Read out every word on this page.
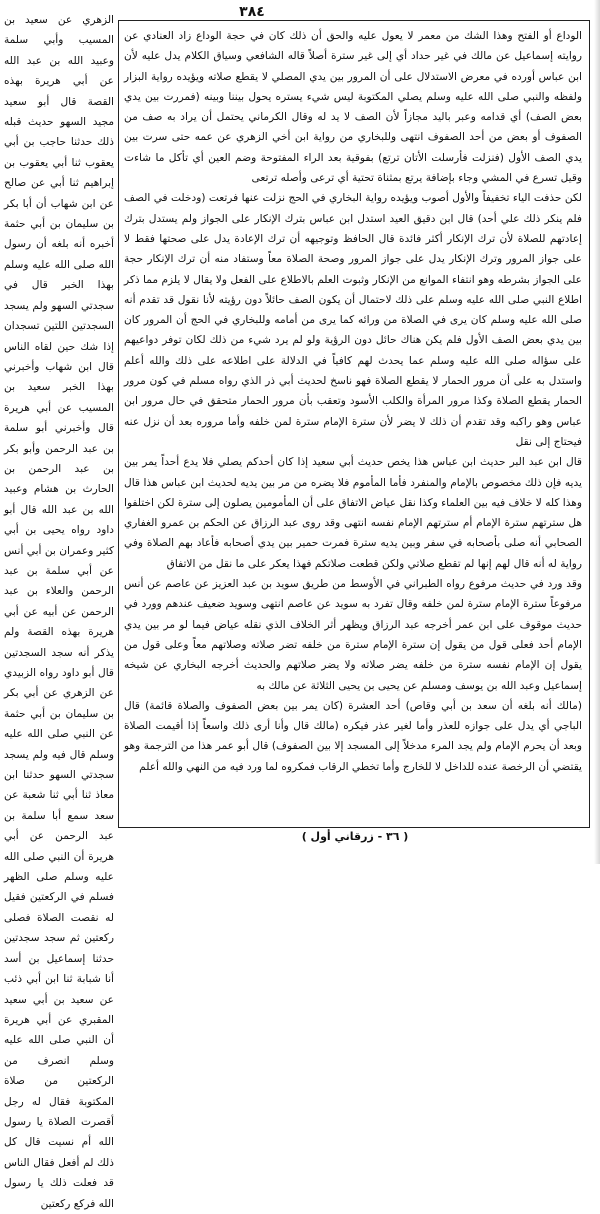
٣٨٤

الوداع أو الفتح وهذا الشك من معمر لا يعول عليه والحق أن ذلك كان في حجة الوداع زاد العنادي عن روايته إسماعيل عن مالك في غير حداد أي إلى غير سترة أصلاً قاله الشافعي وسياق الكلام يدل عليه لأن ابن عباس أورده في معرض الاستدلال على أن المرور بين يدي المصلي لا يقطع صلاته ويؤيده رواية البزار ولفظه والنبي صلى الله عليه وسلم يصلي المكتوبة ليس شيء يستره يحول بيننا وبينه (فمررت بين يدي بعض الصف) أي قدامه وعبر باليد مجازاً لأن الصف لا يد له وقال الكرماني يحتمل أن يراد به صف من الصفوف أو بعض من أحد الصفوف انتهى وللبخاري من رواية ابن أخي الزهري عن عمه حتى سرت بين يدي الصف الأول (فنزلت فأرسلت الأتان ترتع) بفوقية بعد الراء المفتوحة وضم العين أي تأكل ما شاءت وقيل تسرع في المشي وجاء بإضافة يرتع بمثناة تحتية أي ترعى وأصله ترتعى

لكن حذفت الياء تخفيفاً والأول أصوب ويؤيده رواية البخاري في الحج نزلت عنها فرتعت (ودخلت في الصف فلم ينكر ذلك علي أحد) قال ابن دقيق العيد استدل ابن عباس بترك الإنكار على الجواز ولم يستدل بترك إعادتهم للصلاة لأن ترك الإنكار أكثر فائدة قال الحافظ وتوجيهه أن ترك الإعادة يدل على صحتها فقط لا على جواز المرور وترك الإنكار يدل على جواز المرور وصحة الصلاة معاً وستفاد منه أن ترك الإنكار حجة على الجواز بشرطه وهو انتفاء الموانع من الإنكار وثبوت العلم بالاطلاع على الفعل ولا يقال لا يلزم مما ذكر اطلاع النبي صلى الله عليه وسلم على ذلك لاحتمال أن يكون الصف حائلاً دون رؤيته لأنا نقول قد تقدم أنه صلى الله عليه وسلم كان يرى في الصلاة من ورائه كما يرى من أمامه وللبخاري في الحج أن المرور كان بين يدي بعض الصف الأول فلم يكن هناك حائل دون الرؤية ولو لم يرد شيء من ذلك لكان توفر دواعيهم على سؤاله صلى الله عليه وسلم عما يحدث لهم كافياً في الدلالة على اطلاعه على ذلك والله أعلم واستدل به على أن مرور الحمار لا يقطع الصلاة فهو ناسخ لحديث أبي ذر الذي رواه مسلم في كون مرور الحمار يقطع الصلاة وكذا مرور المرأة والكلب الأسود وتعقب بأن مرور الحمار متحقق في حال مرور ابن عباس وهو راكبه وقد تقدم أن ذلك لا يضر لأن سترة الإمام سترة لمن خلفه وأما مروره بعد أن نزل عنه فيحتاج إلى نقل

قال ابن عبد البر حديث ابن عباس هذا يخص حديث أبي سعيد إذا كان أحدكم يصلي فلا يدع أحداً يمر بين يديه فإن ذلك مخصوص بالإمام والمنفرد فأما المأموم فلا يضره من مر بين يديه لحديث ابن عباس هذا قال وهذا كله لا خلاف فيه بين العلماء وكذا نقل عياض الاتفاق على أن المأمومين يصلون إلى سترة لكن اختلفوا هل سترتهم سترة الإمام أم سترتهم الإمام نفسه انتهى وقد روى عبد الرزاق عن الحكم بن عمرو الغفاري الصحابي أنه صلى بأصحابه في سفر وبين يديه سترة فمرت حمير بين يدي أصحابه فأعاد بهم الصلاة وفي رواية له أنه قال لهم إنها لم تقطع صلاتي ولكن قطعت صلاتكم فهذا يعكر على ما نقل من الاتفاق

وقد ورد في حديث مرفوع رواه الطبراني في الأوسط من طريق سويد بن عبد العزيز عن عاصم عن أنس مرفوعاً سترة الإمام سترة لمن خلفه وقال تفرد به سويد عن عاصم انتهى وسويد ضعيف عندهم وورد في حديث موقوف على ابن عمر أخرجه عبد الرزاق ويظهر أثر الخلاف الذي نقله عياض فيما لو مر بين يدي الإمام أحد فعلى قول من يقول إن سترة الإمام سترة من خلفه تضر صلاته وصلاتهم معاً وعلى قول من يقول إن الإمام نفسه سترة من خلفه يضر صلاته ولا يضر صلاتهم والحديث أخرجه البخاري عن شيخه إسماعيل وعبد الله بن يوسف ومسلم عن يحيى بن يحيى الثلاثة عن مالك به

(مالك أنه بلغه أن سعد بن أبي وقاص) أحد العشرة (كان يمر بين بعض الصفوف والصلاة قائمة) قال الباجي أي يدل على جوازه للعذر وأما لغير عذر فيكره (مالك قال وأنا أرى ذلك واسعاً إذا أقيمت الصلاة وبعد أن يحرم الإمام ولم يجد المرء مدخلاً إلى المسجد إلا بين الصفوف) قال أبو عمر هذا من الترجمة وهو يقتضي أن الرخصة عنده للداخل لا للخارج وأما تخطي الرقاب فمكروه لما ورد فيه من النهي والله أعلم

الزهري عن سعيد بن المسيب وأبي سلمة وعبيد الله بن عبد الله عن أبي هريرة بهذه القصة قال أبو سعيد مجيد السهو حديث قبله ذلك حدثنا حاجب بن أبي يعقوب ثنا أبي يعقوب بن إبراهيم ثنا أبي عن صالح عن ابن شهاب أن أبا بكر بن سليمان بن أبي حثمة أخبره أنه بلغه أن رسول الله صلى الله عليه وسلم بهذا الخبر قال في سجدتي السهو ولم يسجد السجدتين اللتين تسجدان إذا شك حين لقاه الناس قال ابن شهاب وأخبرني بهذا الخبر سعيد بن المسيب عن أبي هريرة قال وأخبرني أبو سلمة بن عبد الرحمن وأبو بكر بن عبد الرحمن بن الحارث بن هشام وعبيد الله بن عبد الله قال أبو داود رواه يحيى بن أبي كثير وعمران بن أبي أنس عن أبي سلمة بن عبد الرحمن والعلاء بن عبد الرحمن عن أبيه عن أبي هريرة بهذه القصة ولم يذكر أنه سجد السجدتين قال أبو داود رواه الزبيدي عن الزهري عن أبي بكر بن سليمان بن أبي حثمة عن النبي صلى الله عليه وسلم قال فيه ولم يسجد سجدتي السهو حدثنا ابن معاذ ثنا أبي ثنا شعبة عن سعد سمع أبا سلمة بن عبد الرحمن عن أبي هريرة أن النبي صلى الله عليه وسلم صلى الظهر فسلم في الركعتين فقيل له نقصت الصلاة فصلى ركعتين ثم سجد سجدتين حدثنا إسماعيل بن أسد أنا شبابة ثنا ابن أبي ذئب عن سعيد بن أبي سعيد المقبري عن أبي هريرة أن النبي صلى الله عليه وسلم انصرف من الركعتين من صلاة المكتوبة فقال له رجل أقصرت الصلاة يا رسول الله أم نسيت قال كل ذلك لم أفعل فقال الناس قد فعلت ذلك يا رسول الله فركع ركعتين

( ٣٦ - زرقاني أول )
